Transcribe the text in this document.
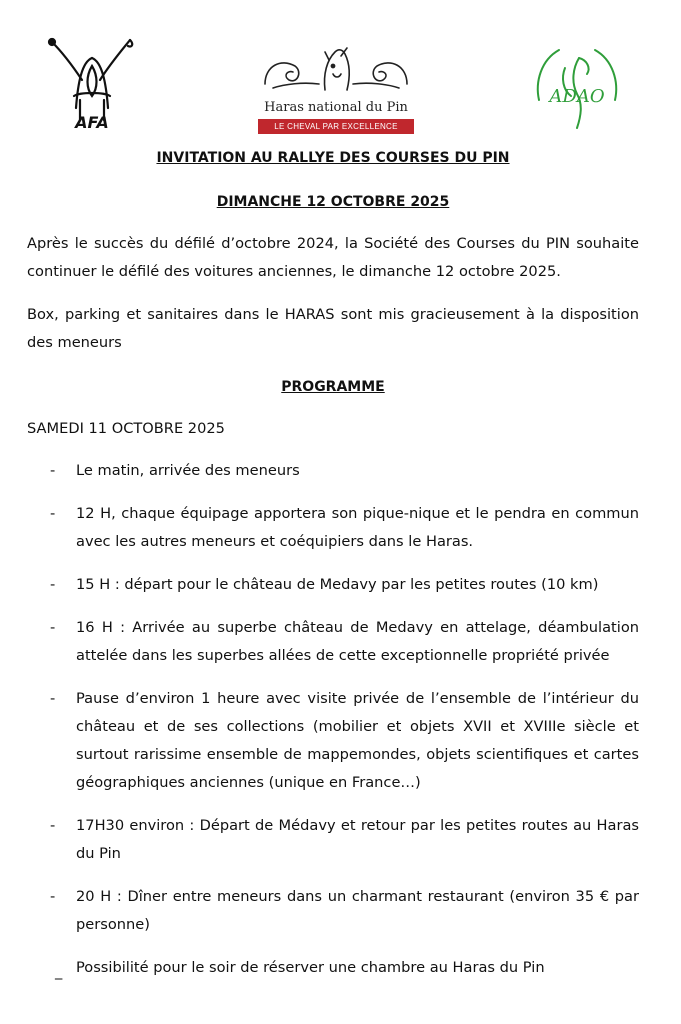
AFA
Haras national du Pin
LE CHEVAL PAR EXCELLENCE
ADAO

INVITATION AU RALLYE DES COURSES DU PIN

DIMANCHE 12 OCTOBRE 2025

Après le succès du défilé d’octobre 2024, la Société des Courses du PIN souhaite continuer le défilé des voitures anciennes, le dimanche 12 octobre 2025.

Box, parking et sanitaires dans le HARAS sont mis gracieusement à la disposition des meneurs

PROGRAMME

SAMEDI 11 OCTOBRE 2025

- Le matin, arrivée des meneurs
- 12 H, chaque équipage apportera son pique-nique et le pendra en commun avec les autres meneurs et coéquipiers dans le Haras.
- 15 H : départ pour le château de Medavy par les petites routes (10 km)
- 16 H : Arrivée au superbe château de Medavy en attelage, déambulation attelée dans les superbes allées de cette exceptionnelle propriété privée
- Pause d’environ 1 heure avec visite privée de l’ensemble de l’intérieur du château et de ses collections (mobilier et objets XVII et XVIIIe siècle et surtout rarissime ensemble de mappemondes, objets scientifiques et cartes géographiques anciennes (unique en France…)
- 17H30 environ : Départ de Médavy et retour par les petites routes au Haras du Pin
- 20 H : Dîner entre meneurs dans un charmant restaurant (environ 35 € par personne)
_ Possibilité pour le soir de réserver une chambre au Haras du Pin
